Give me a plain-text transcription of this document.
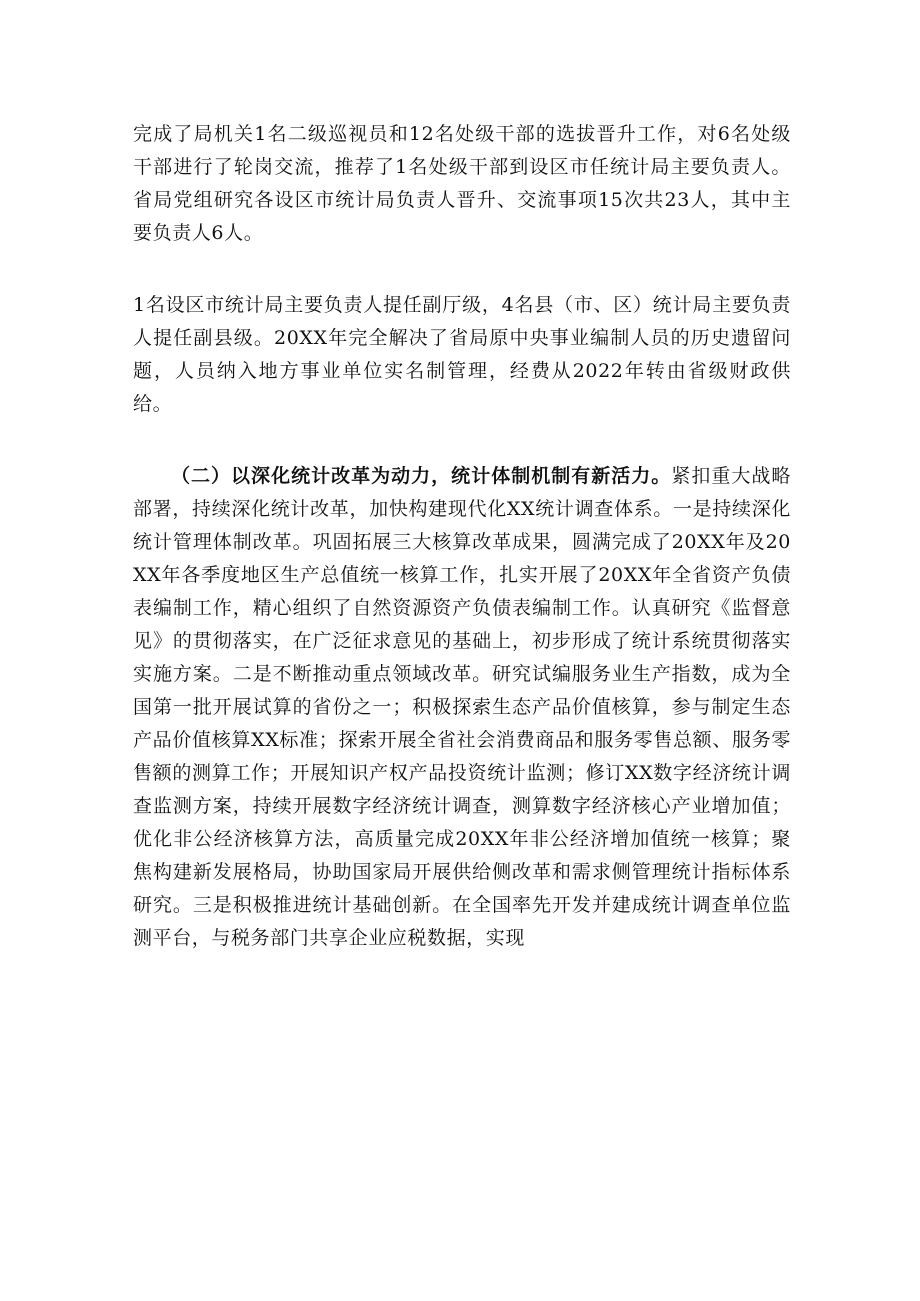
完成了局机关1名二级巡视员和12名处级干部的选拔晋升工作，对6名处级干部进行了轮岗交流，推荐了1名处级干部到设区市任统计局主要负责人。省局党组研究各设区市统计局负责人晋升、交流事项15次共23人，其中主要负责人6人。

1名设区市统计局主要负责人提任副厅级，4名县（市、区）统计局主要负责人提任副县级。20XX年完全解决了省局原中央事业编制人员的历史遗留问题，人员纳入地方事业单位实名制管理，经费从2022年转由省级财政供给。

（二）以深化统计改革为动力，统计体制机制有新活力。紧扣重大战略部署，持续深化统计改革，加快构建现代化XX统计调查体系。一是持续深化统计管理体制改革。巩固拓展三大核算改革成果，圆满完成了20XX年及20XX年各季度地区生产总值统一核算工作，扎实开展了20XX年全省资产负债表编制工作，精心组织了自然资源资产负债表编制工作。认真研究《监督意见》的贯彻落实，在广泛征求意见的基础上，初步形成了统计系统贯彻落实实施方案。二是不断推动重点领域改革。研究试编服务业生产指数，成为全国第一批开展试算的省份之一；积极探索生态产品价值核算，参与制定生态产品价值核算XX标准；探索开展全省社会消费商品和服务零售总额、服务零售额的测算工作；开展知识产权产品投资统计监测；修订XX数字经济统计调查监测方案，持续开展数字经济统计调查，测算数字经济核心产业增加值；优化非公经济核算方法，高质量完成20XX年非公经济增加值统一核算；聚焦构建新发展格局，协助国家局开展供给侧改革和需求侧管理统计指标体系研究。三是积极推进统计基础创新。在全国率先开发并建成统计调查单位监测平台，与税务部门共享企业应税数据，实现
